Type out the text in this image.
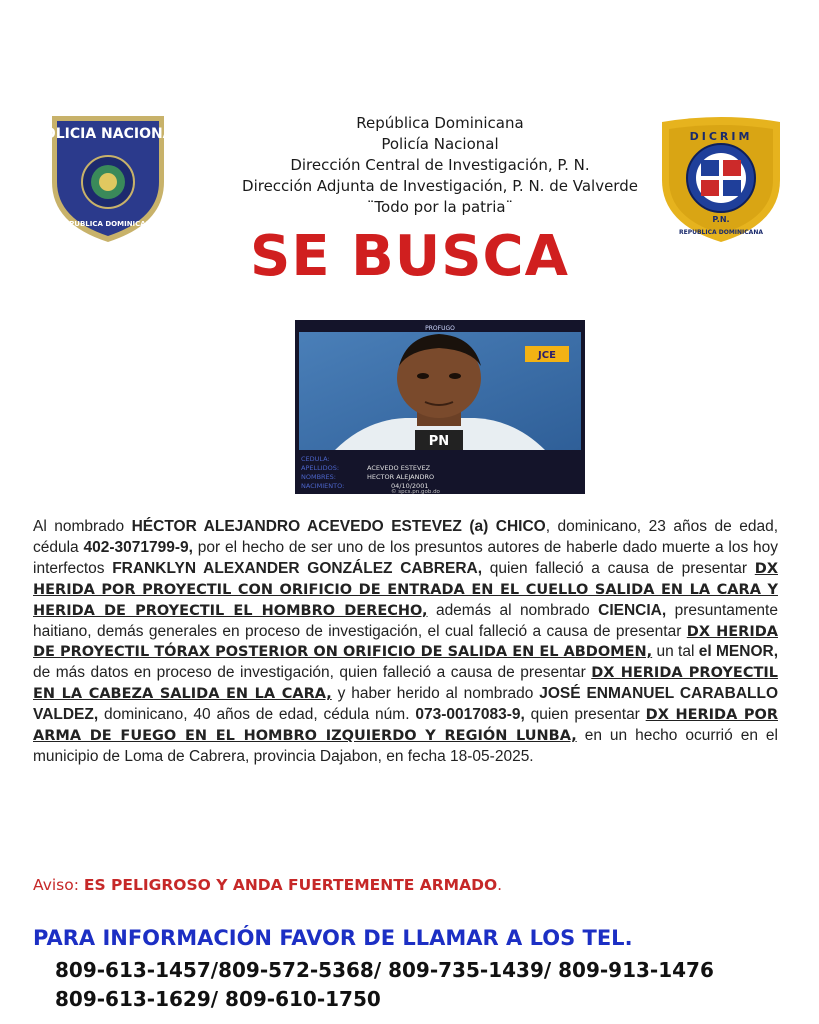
POLICIA NACIONAL
REPUBLICA DOMINICANA
República Dominicana
Policía Nacional
Dirección Central de Investigación, P. N.
Dirección Adjunta de Investigación, P. N. de Valverde
¨Todo por la patria¨
DICRIM
P.N.
REPUBLICA DOMINICANA
SE BUSCA
PROFUGO
JCE
PN
CEDULA:
APELLIDOS:
NOMBRES:
NACIMIENTO:
ACEVEDO ESTEVEZ
HECTOR ALEJANDRO
04/10/2001
© spcs.pn.gob.do
Al nombrado HÉCTOR ALEJANDRO ACEVEDO ESTEVEZ (a) CHICO, dominicano, 23 años de edad, cédula 402-3071799-9, por el hecho de ser uno de los presuntos autores de haberle dado muerte a los hoy interfectos FRANKLYN ALEXANDER GONZÁLEZ CABRERA, quien falleció a causa de presentar DX HERIDA POR PROYECTIL CON ORIFICIO DE ENTRADA EN EL CUELLO SALIDA EN LA CARA Y HERIDA DE PROYECTIL EL HOMBRO DERECHO, además al nombrado CIENCIA, presuntamente haitiano, demás generales en proceso de investigación, el cual falleció a causa de presentar DX HERIDA DE PROYECTIL TÓRAX POSTERIOR ON ORIFICIO DE SALIDA EN EL ABDOMEN, un tal el MENOR, de más datos en proceso de investigación, quien falleció a causa de presentar DX HERIDA PROYECTIL EN LA CABEZA SALIDA EN LA CARA, y haber herido al nombrado JOSÉ ENMANUEL CARABALLO VALDEZ, dominicano, 40 años de edad, cédula núm. 073-0017083-9, quien presentar DX HERIDA POR ARMA DE FUEGO EN EL HOMBRO IZQUIERDO Y REGIÓN LUNBA, en un hecho ocurrió en el municipio de Loma de Cabrera, provincia Dajabon, en fecha 18-05-2025.
Aviso: ES PELIGROSO Y ANDA FUERTEMENTE ARMADO.
PARA INFORMACIÓN FAVOR DE LLAMAR A LOS TEL.
809-613-1457/809-572-5368/ 809-735-1439/ 809-913-1476
809-613-1629/ 809-610-1750
